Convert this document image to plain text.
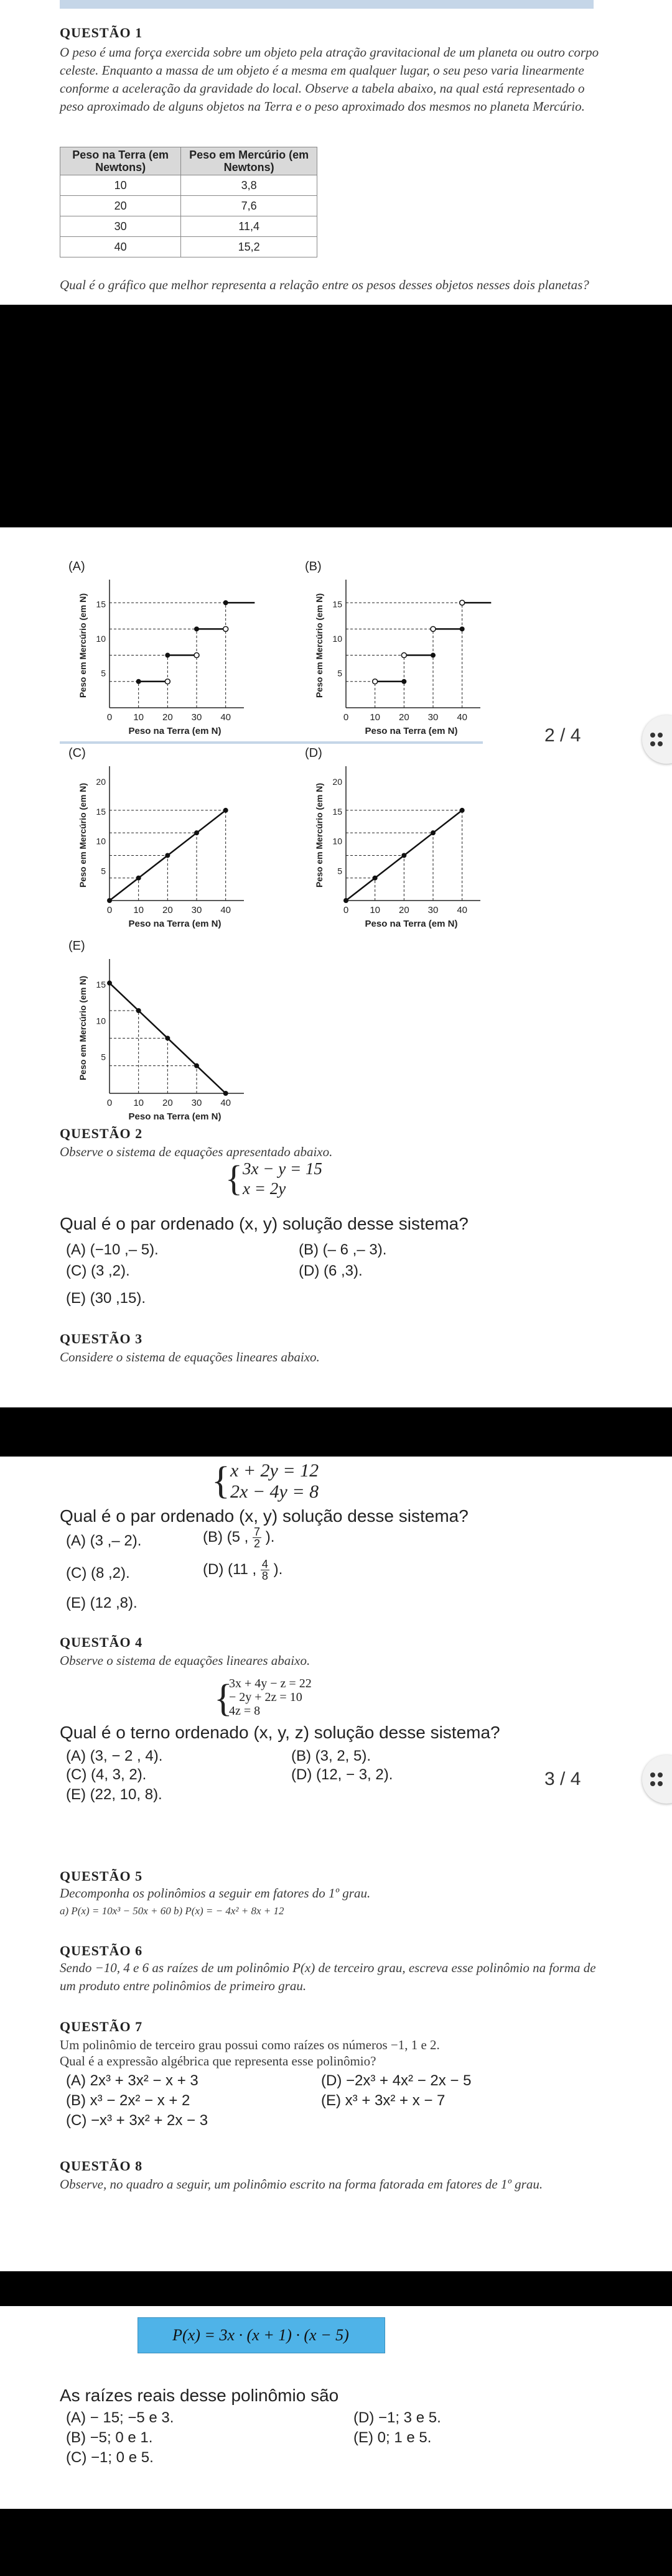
QUESTÃO 1
O peso é uma força exercida sobre um objeto pela atração gravitacional de um planeta ou outro corpo celeste. Enquanto a massa de um objeto é a mesma em qualquer lugar, o seu peso varia linearmente conforme a aceleração da gravidade do local. Observe a tabela abaixo, na qual está representado o peso aproximado de alguns objetos na Terra e o peso aproximado dos mesmos no planeta Mercúrio.
Peso na Terra (em Newtons)	Peso em Mercúrio (em Newtons)
10	3,8
20	7,6
30	11,4
40	15,2
Qual é o gráfico que melhor representa a relação entre os pesos desses objetos nesses dois planetas?
(A)	(B)
(C)	(D)
(E)
0 10 20 30 40
15
10
5
Peso na Terra (em N)
Peso em Mercúrio (em N)
0 10 20 30 40
15
10
5
Peso na Terra (em N)
Peso em Mercúrio (em N)
0 10 20 30 40
20
15
10
5
Peso na Terra (em N)
Peso em Mercúrio (em N)
0 10 20 30 40
20
15
10
5
Peso na Terra (em N)
Peso em Mercúrio (em N)
0 10 20 30 40
15
10
5
Peso na Terra (em N)
Peso em Mercúrio (em N)
2 / 4
QUESTÃO 2
Observe o sistema de equações apresentado abaixo.
{ 3x − y = 15
x = 2y
Qual é o par ordenado (x, y) solução desse sistema?
(A) (−10 ,– 5).	(B) (– 6 ,– 3).
(C) (3 ,2).	(D) (6 ,3).
(E) (30 ,15).
QUESTÃO 3
Considere o sistema de equações lineares abaixo.
{ x + 2y = 12
2x − 4y = 8
Qual é o par ordenado (x, y) solução desse sistema?
(A) (3 ,– 2).	(B) (5 , $\frac{7}{2}$ ).
(C) (8 ,2).	(D) (11 , $\frac{4}{8}$ ).
(E) (12 ,8).
QUESTÃO 4
Observe o sistema de equações lineares abaixo.
{
3x + 4y − z = 22
− 2y + 2z = 10
4z = 8
Qual é o terno ordenado (x, y, z) solução desse sistema?
(A) (3, − 2 , 4).	(B) (3, 2, 5).
(C) (4, 3, 2).	(D) (12, − 3, 2).
(E) (22, 10, 8).
3 / 4
QUESTÃO 5
Decomponha os polinômios a seguir em fatores do 1º grau.
a) P(x) = 10x³ − 50x + 60 b) P(x) = − 4x² + 8x + 12
QUESTÃO 6
Sendo −10, 4 e 6 as raízes de um polinômio P(x) de terceiro grau, escreva esse polinômio na forma de um produto entre polinômios de primeiro grau.
QUESTÃO 7
Um polinômio de terceiro grau possui como raízes os números −1, 1 e 2.
Qual é a expressão algébrica que representa esse polinômio?
(A) 2x³ + 3x² − x + 3	(D) −2x³ + 4x² − 2x − 5
(B) x³ − 2x² − x + 2	(E) x³ + 3x² + x − 7
(C) −x³ + 3x² + 2x − 3
QUESTÃO 8
Observe, no quadro a seguir, um polinômio escrito na forma fatorada em fatores de 1º grau.
P(x) = 3x · (x + 1) · (x − 5)
As raízes reais desse polinômio são
(A) − 15; −5 e 3.	(D) −1; 3 e 5.
(B) −5; 0 e 1.	(E) 0; 1 e 5.
(C) −1; 0 e 5.
